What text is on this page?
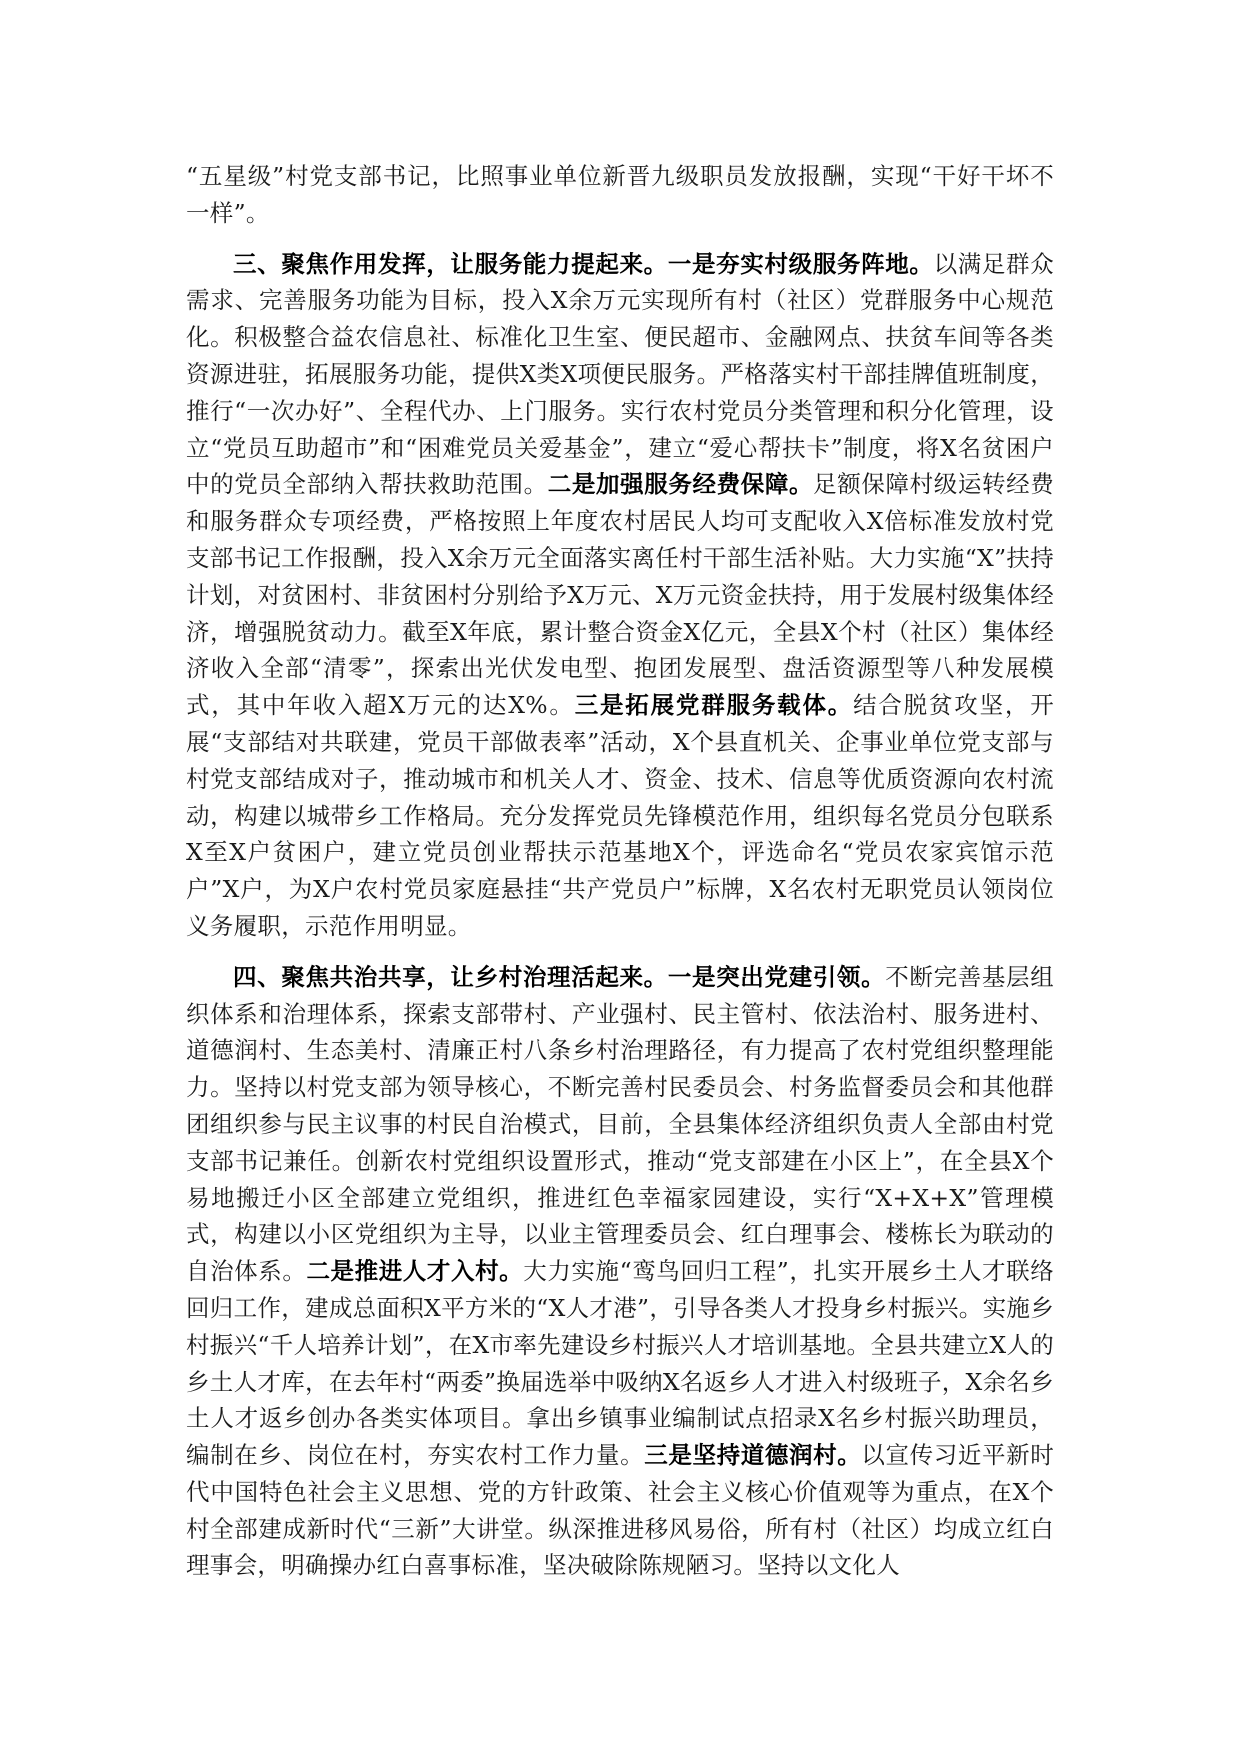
“五星级”村党支部书记，比照事业单位新晋九级职员发放报酬，实现“干好干坏不一样”。

三、聚焦作用发挥，让服务能力提起来。一是夯实村级服务阵地。以满足群众需求、完善服务功能为目标，投入X余万元实现所有村（社区）党群服务中心规范化。积极整合益农信息社、标准化卫生室、便民超市、金融网点、扶贫车间等各类资源进驻，拓展服务功能，提供X类X项便民服务。严格落实村干部挂牌值班制度，推行“一次办好”、全程代办、上门服务。实行农村党员分类管理和积分化管理，设立“党员互助超市”和“困难党员关爱基金”，建立“爱心帮扶卡”制度，将X名贫困户中的党员全部纳入帮扶救助范围。二是加强服务经费保障。足额保障村级运转经费和服务群众专项经费，严格按照上年度农村居民人均可支配收入X倍标准发放村党支部书记工作报酬，投入X余万元全面落实离任村干部生活补贴。大力实施“X”扶持计划，对贫困村、非贫困村分别给予X万元、X万元资金扶持，用于发展村级集体经济，增强脱贫动力。截至X年底，累计整合资金X亿元，全县X个村（社区）集体经济收入全部“清零”，探索出光伏发电型、抱团发展型、盘活资源型等八种发展模式，其中年收入超X万元的达X%。三是拓展党群服务载体。结合脱贫攻坚，开展“支部结对共联建，党员干部做表率”活动，X个县直机关、企事业单位党支部与村党支部结成对子，推动城市和机关人才、资金、技术、信息等优质资源向农村流动，构建以城带乡工作格局。充分发挥党员先锋模范作用，组织每名党员分包联系X至X户贫困户，建立党员创业帮扶示范基地X个，评选命名“党员农家宾馆示范户”X户，为X户农村党员家庭悬挂“共产党员户”标牌，X名农村无职党员认领岗位义务履职，示范作用明显。

四、聚焦共治共享，让乡村治理活起来。一是突出党建引领。不断完善基层组织体系和治理体系，探索支部带村、产业强村、民主管村、依法治村、服务进村、道德润村、生态美村、清廉正村八条乡村治理路径，有力提高了农村党组织整理能力。坚持以村党支部为领导核心，不断完善村民委员会、村务监督委员会和其他群团组织参与民主议事的村民自治模式，目前，全县集体经济组织负责人全部由村党支部书记兼任。创新农村党组织设置形式，推动“党支部建在小区上”，在全县X个易地搬迁小区全部建立党组织，推进红色幸福家园建设，实行“X+X+X”管理模式，构建以小区党组织为主导，以业主管理委员会、红白理事会、楼栋长为联动的自治体系。二是推进人才入村。大力实施“鸾鸟回归工程”，扎实开展乡土人才联络回归工作，建成总面积X平方米的“X人才港”，引导各类人才投身乡村振兴。实施乡村振兴“千人培养计划”，在X市率先建设乡村振兴人才培训基地。全县共建立X人的乡土人才库，在去年村“两委”换届选举中吸纳X名返乡人才进入村级班子，X余名乡土人才返乡创办各类实体项目。拿出乡镇事业编制试点招录X名乡村振兴助理员，编制在乡、岗位在村，夯实农村工作力量。三是坚持道德润村。以宣传习近平新时代中国特色社会主义思想、党的方针政策、社会主义核心价值观等为重点，在X个村全部建成新时代“三新”大讲堂。纵深推进移风易俗，所有村（社区）均成立红白理事会，明确操办红白喜事标准，坚决破除陈规陋习。坚持以文化人
